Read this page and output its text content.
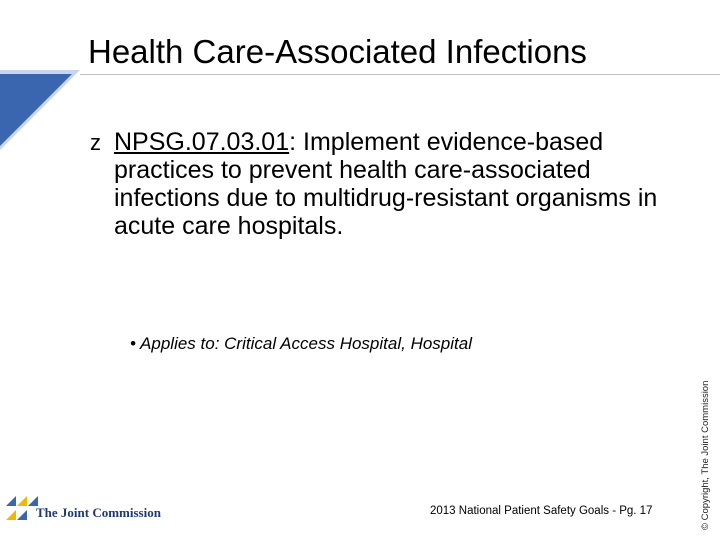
Health Care-Associated Infections
z NPSG.07.03.01: Implement evidence-based practices to prevent health care-associated infections due to multidrug-resistant organisms in acute care hospitals.
• Applies to: Critical Access Hospital, Hospital
© Copyright, The Joint Commission
2013 National Patient Safety Goals - Pg. 17
The Joint Commission
